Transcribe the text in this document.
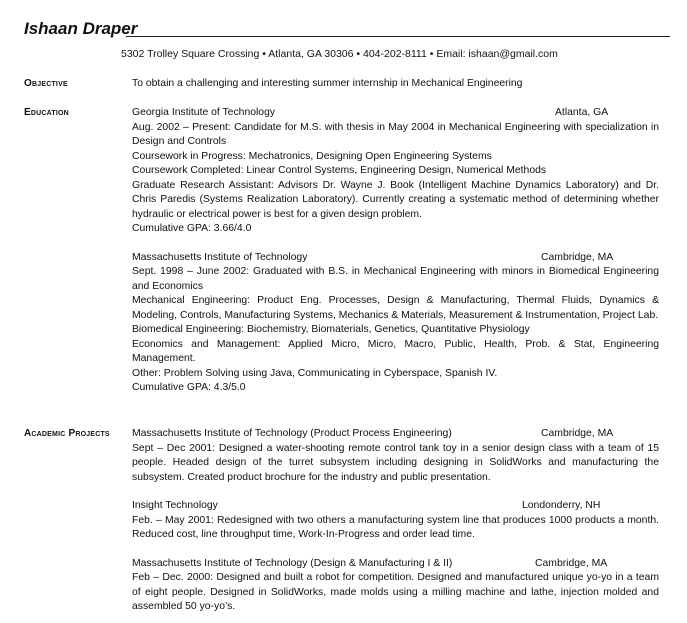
Ishaan Draper
5302 Trolley Square Crossing • Atlanta, GA 30306 • 404-202-8111 • Email: ishaan@gmail.com
Objective	To obtain a challenging and interesting summer internship in Mechanical Engineering

Education	Georgia Institute of Technology	Atlanta, GA

Aug. 2002 – Present: Candidate for M.S. with thesis in May 2004 in Mechanical Engineering with specialization in Design and Controls

Coursework in Progress: Mechatronics, Designing Open Engineering Systems

Coursework Completed: Linear Control Systems, Engineering Design, Numerical Methods

Graduate Research Assistant: Advisors Dr. Wayne J. Book (Intelligent Machine Dynamics Laboratory) and Dr. Chris Paredis (Systems Realization Laboratory). Currently creating a systematic method of determining whether hydraulic or electrical power is best for a given design problem.

Cumulative GPA: 3.66/4.0

Massachusetts Institute of Technology	Cambridge, MA

Sept. 1998 – June 2002: Graduated with B.S. in Mechanical Engineering with minors in Biomedical Engineering and Economics

Mechanical Engineering: Product Eng. Processes, Design & Manufacturing, Thermal Fluids, Dynamics & Modeling, Controls, Manufacturing Systems, Mechanics & Materials, Measurement & Instrumentation, Project Lab.

Biomedical Engineering: Biochemistry, Biomaterials, Genetics, Quantitative Physiology

Economics and Management: Applied Micro, Micro, Macro, Public, Health, Prob. & Stat, Engineering Management.

Other: Problem Solving using Java, Communicating in Cyberspace, Spanish IV.

Cumulative GPA: 4.3/5.0

Academic Projects Massachusetts Institute of Technology (Product Process Engineering)	Cambridge, MA

Sept – Dec 2001: Designed a water-shooting remote control tank toy in a senior design class with a team of 15 people. Headed design of the turret subsystem including designing in SolidWorks and manufacturing the subsystem. Created product brochure for the industry and public presentation.

Insight Technology	Londonderry, NH

Feb. – May 2001: Redesigned with two others a manufacturing system line that produces 1000 products a month. Reduced cost, line throughput time, Work-In-Progress and order lead time.

Massachusetts Institute of Technology (Design & Manufacturing I & II)	Cambridge, MA

Feb – Dec. 2000: Designed and built a robot for competition. Designed and manufactured unique yo-yo in a team of eight people. Designed in SolidWorks, made molds using a milling machine and lathe, injection molded and assembled 50 yo-yo’s.
